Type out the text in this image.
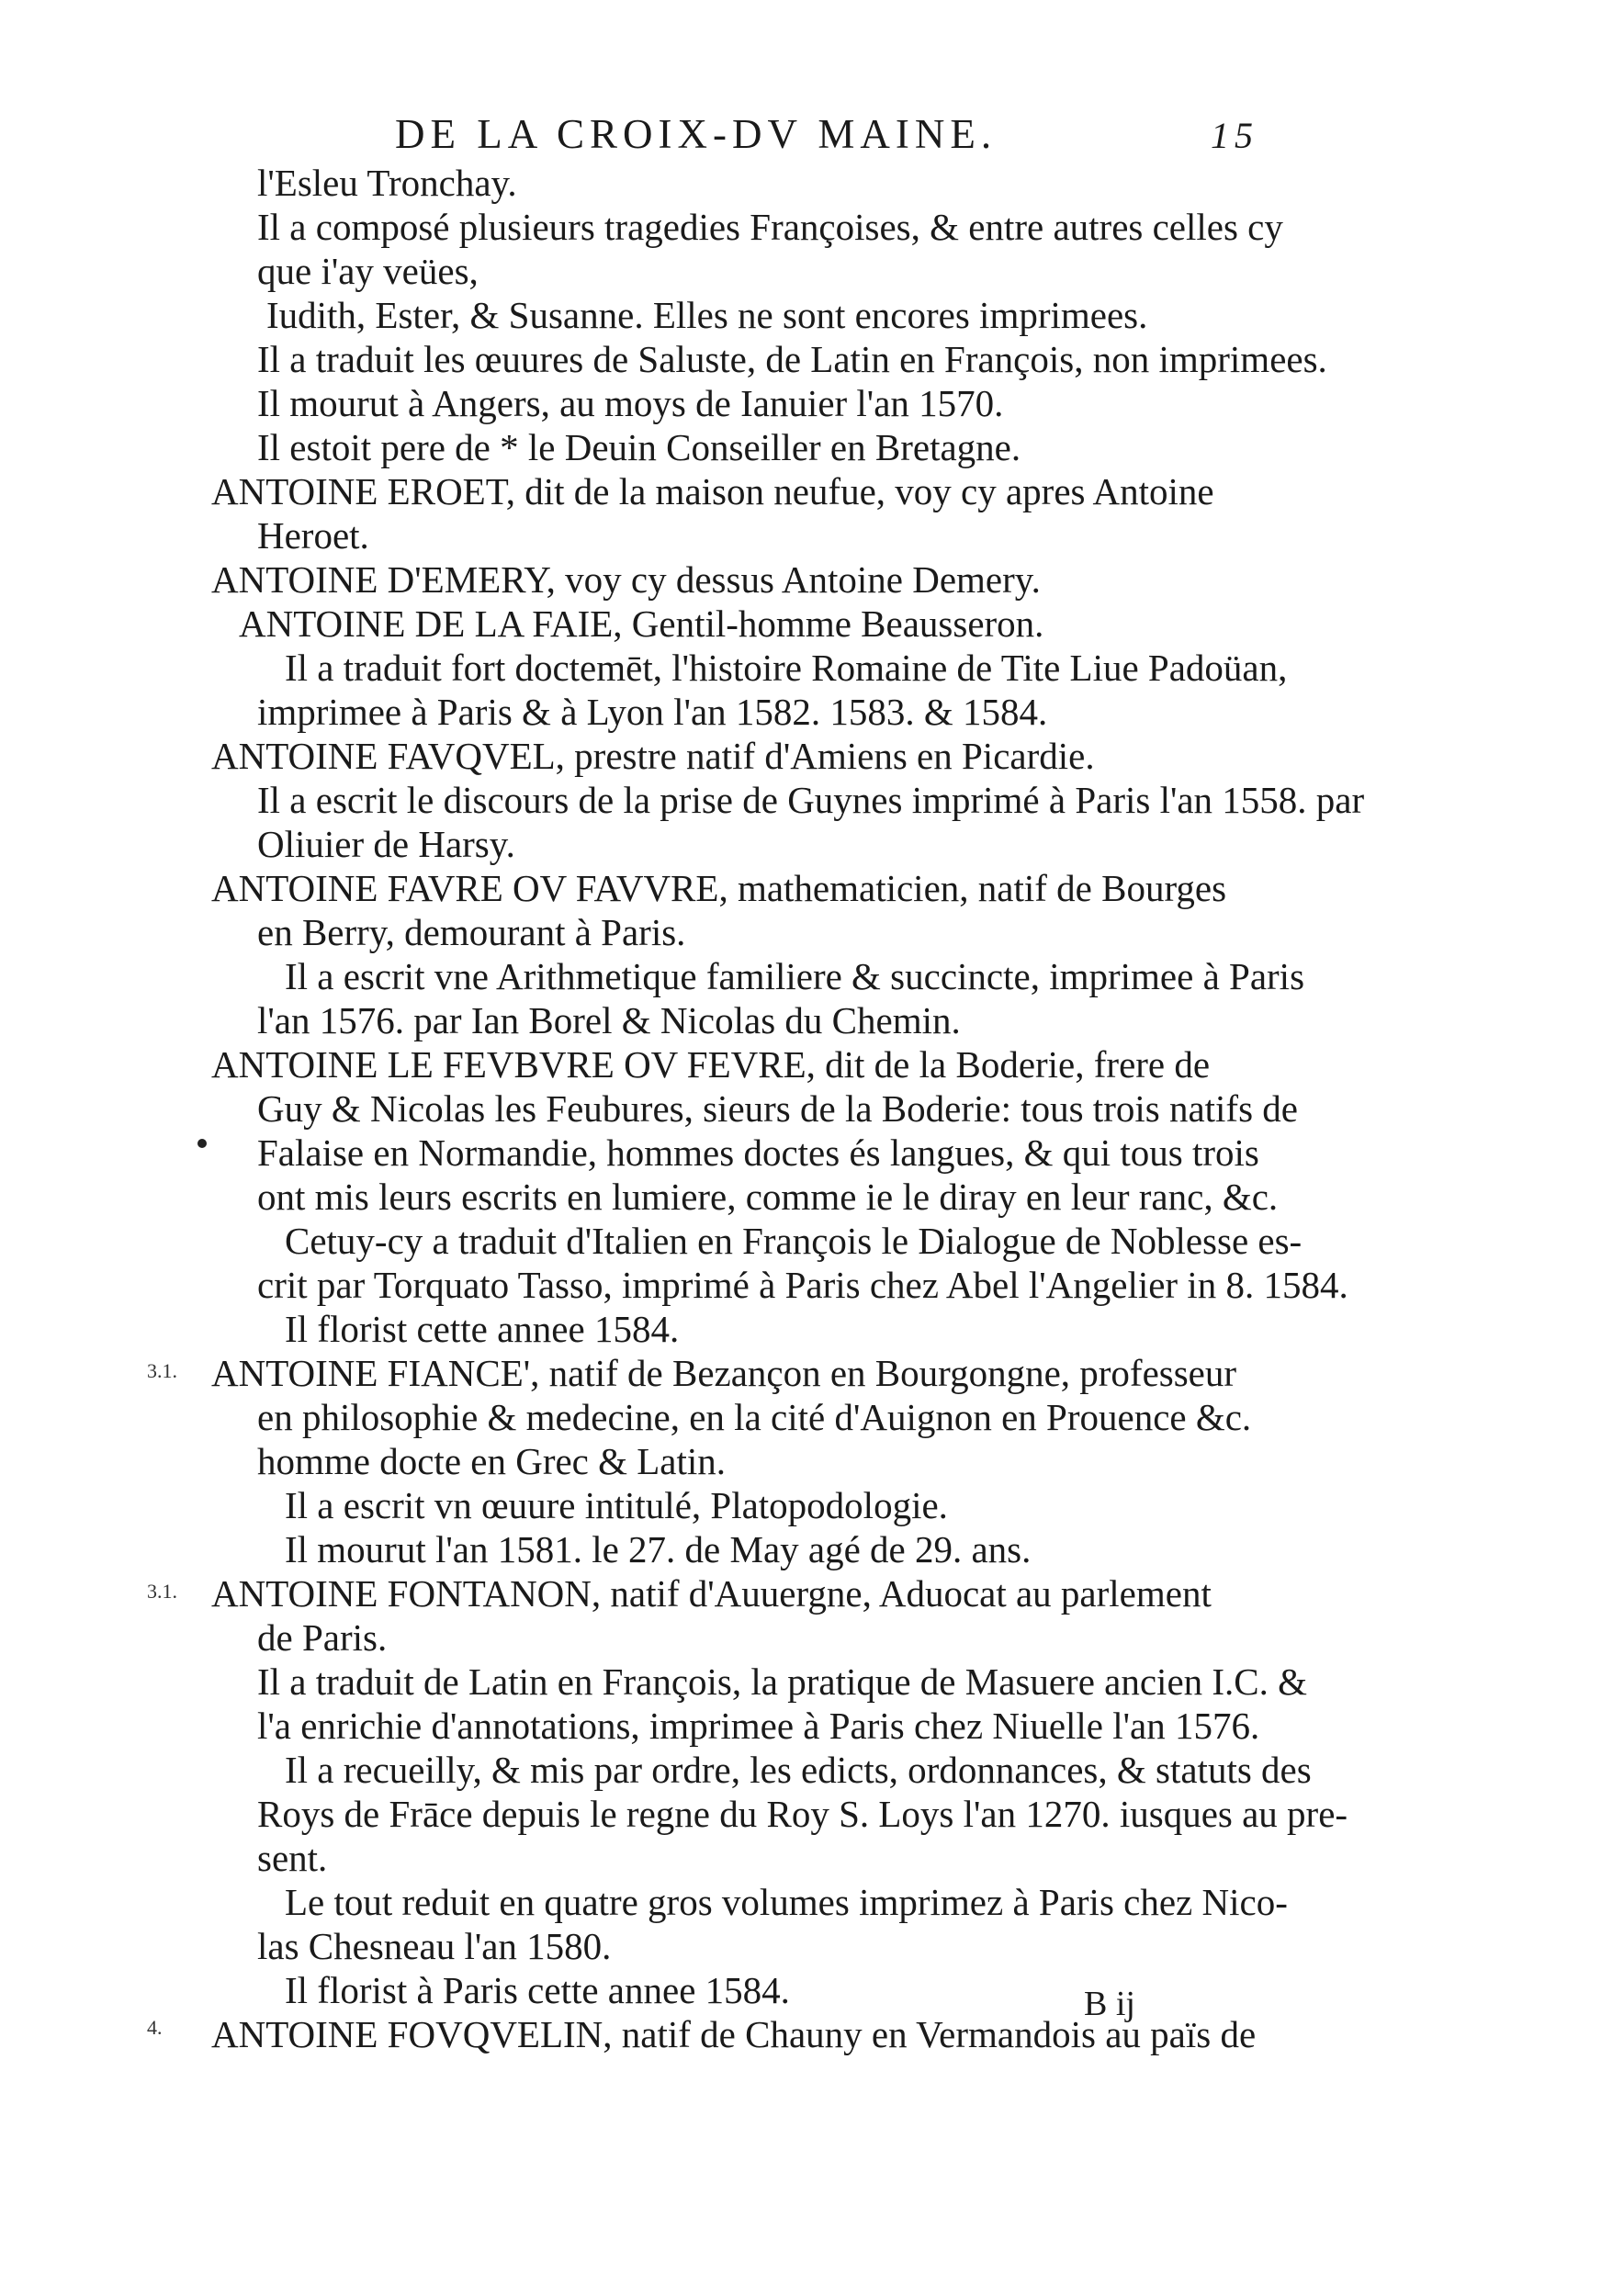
DE LA CROIX-DV MAINE.	15
l'Esleu Tronchay.
Il a composé plusieurs tragedies Françoises, & entre autres celles cy
que i'ay veües,
Iudith, Ester, & Susanne. Elles ne sont encores imprimees.
Il a traduit les œuures de Saluste, de Latin en François, non imprimees.
Il mourut à Angers, au moys de Ianuier l'an 1570.
Il estoit pere de * le Deuin Conseiller en Bretagne.
ANTOINE EROET, dit de la maison neufue, voy cy apres Antoine
Heroet.
ANTOINE D'EMERY, voy cy dessus Antoine Demery.
ANTOINE DE LA FAIE, Gentil-homme Beausseron.
Il a traduit fort doctemēt, l'histoire Romaine de Tite Liue Padoüan,
imprimee à Paris & à Lyon l'an 1582. 1583. & 1584.
ANTOINE FAVQVEL, prestre natif d'Amiens en Picardie.
Il a escrit le discours de la prise de Guynes imprimé à Paris l'an 1558. par
Oliuier de Harsy.
ANTOINE FAVRE OV FAVVRE, mathematicien, natif de Bourges
en Berry, demourant à Paris.
Il a escrit vne Arithmetique familiere & succincte, imprimee à Paris
l'an 1576. par Ian Borel & Nicolas du Chemin.
ANTOINE LE FEVBVRE OV FEVRE, dit de la Boderie, frere de
Guy & Nicolas les Feubures, sieurs de la Boderie: tous trois natifs de
Falaise en Normandie, hommes doctes és langues, & qui tous trois
ont mis leurs escrits en lumiere, comme ie le diray en leur ranc, &c.
Cetuy-cy a traduit d'Italien en François le Dialogue de Noblesse es-
crit par Torquato Tasso, imprimé à Paris chez Abel l'Angelier in 8. 1584.
Il florist cette annee 1584.
ANTOINE FIANCE', natif de Bezançon en Bourgongne, professeur
en philosophie & medecine, en la cité d'Auignon en Prouence &c.
homme docte en Grec & Latin.
Il a escrit vn œuure intitulé, Platopodologie.
Il mourut l'an 1581. le 27. de May agé de 29. ans.
ANTOINE FONTANON, natif d'Auuergne, Aduocat au parlement
de Paris.
Il a traduit de Latin en François, la pratique de Masuere ancien I.C. &
l'a enrichie d'annotations, imprimee à Paris chez Niuelle l'an 1576.
Il a recueilly, & mis par ordre, les edicts, ordonnances, & statuts des
Roys de Frāce depuis le regne du Roy S. Loys l'an 1270. iusques au pre-
sent.
Le tout reduit en quatre gros volumes imprimez à Paris chez Nico-
las Chesneau l'an 1580.
Il florist à Paris cette annee 1584.
ANTOINE FOVQVELIN, natif de Chauny en Vermandois au païs de
3.1.
3.1.
4.
B ij
